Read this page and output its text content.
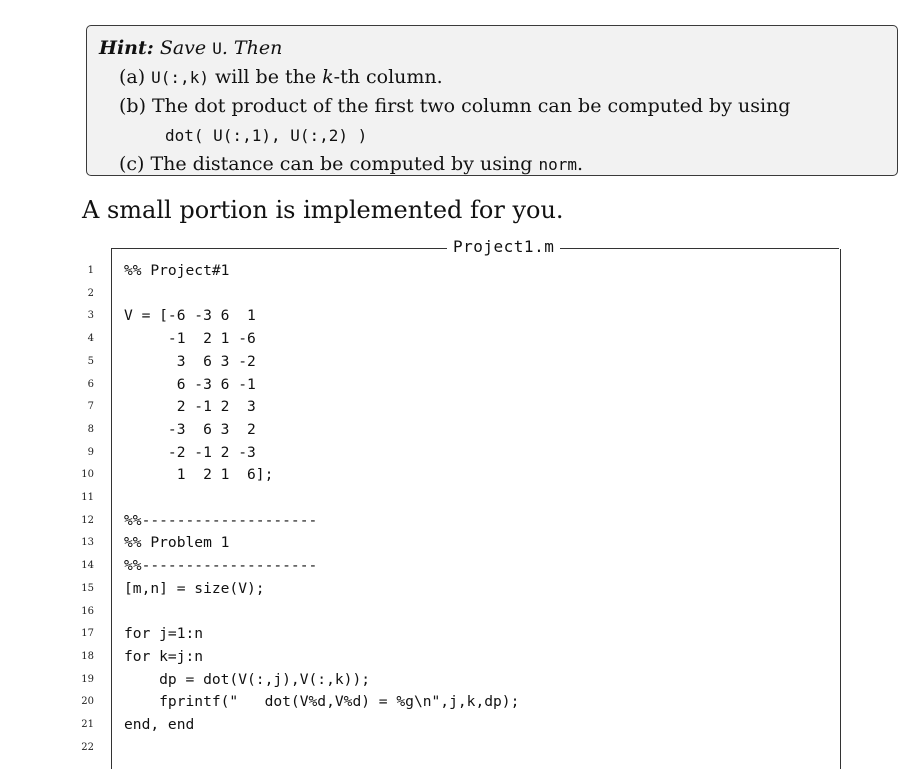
Hint: Save U. Then
(a) U(:,k) will be the k-th column.
(b) The dot product of the first two column can be computed by using
dot( U(:,1), U(:,2) )
(c) The distance can be computed by using norm.
A small portion is implemented for you.
Project1.m
1 %% Project#1
2
3 V = [-6 -3 6  1
4 -1  2 1 -6
5 3  6 3 -2
6 6 -3 6 -1
7 2 -1 2  3
8 -3  6 3  2
9 -2 -1 2 -3
10 1  2 1  6];
11
12 %%--------------------
13 %% Problem 1
14 %%--------------------
15 [m,n] = size(V);
16
17 for j=1:n
18 for k=j:n
19 dp = dot(V(:,j),V(:,k));
20 fprintf("   dot(V%d,V%d) = %g\n",j,k,dp);
21 end, end
22
